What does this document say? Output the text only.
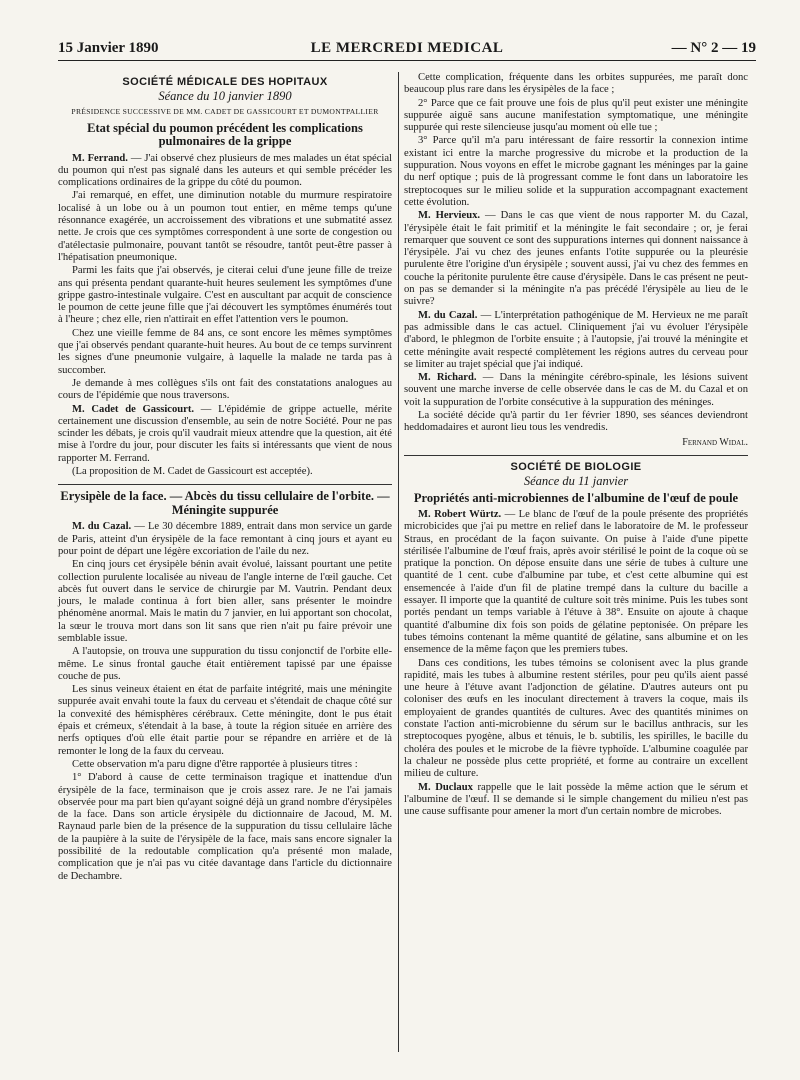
15 Janvier 1890	LE MERCREDI MEDICAL	— N° 2 — 19
SOCIÉTÉ MÉDICALE DES HOPITAUX
Séance du 10 janvier 1890
PRÉSIDENCE SUCCESSIVE DE MM. CADET DE GASSICOURT ET DUMONTPALLIER
Etat spécial du poumon précédent les complications pulmonaires de la grippe

M. Ferrand. — J'ai observé chez plusieurs de mes malades un état spécial du poumon qui n'est pas signalé dans les auteurs et qui semble précéder les complications ordinaires de la grippe du côté du poumon.

J'ai remarqué, en effet, une diminution notable du murmure respiratoire localisé à un lobe ou à un poumon tout entier, en même temps qu'une résonnance exagérée, un accroissement des vibrations et une submatité assez nette. Je crois que ces symptômes correspondent à une sorte de congestion ou d'atélectasie pulmonaire, pouvant tantôt se résoudre, tantôt peut-être passer à l'hépatisation pneumonique.

Parmi les faits que j'ai observés, je citerai celui d'une jeune fille de treize ans qui présenta pendant quarante-huit heures seulement les symptômes d'une grippe gastro-intestinale vulgaire. C'est en auscultant par acquit de conscience le poumon de cette jeune fille que j'ai découvert les symptômes énumérés tout à l'heure ; chez elle, rien n'attirait en effet l'attention vers le poumon.

Chez une vieille femme de 84 ans, ce sont encore les mêmes symptômes que j'ai observés pendant quarante-huit heures. Au bout de ce temps survinrent les signes d'une pneumonie vulgaire, à laquelle la malade ne tarda pas à succomber.

Je demande à mes collègues s'ils ont fait des constatations analogues au cours de l'épidémie que nous traversons.

M. Cadet de Gassicourt. — L'épidémie de grippe actuelle, mérite certainement une discussion d'ensemble, au sein de notre Société. Pour ne pas scinder les débats, je crois qu'il vaudrait mieux attendre que la question, ait été mise à l'ordre du jour, pour discuter les faits si intéressants que vient de nous rapporter M. Ferrand.

(La proposition de M. Cadet de Gassicourt est acceptée).

Erysipèle de la face. — Abcès du tissu cellulaire de l'orbite. — Méningite suppurée

M. du Cazal. — Le 30 décembre 1889, entrait dans mon service un garde de Paris, atteint d'un érysipèle de la face remontant à cinq jours et ayant eu pour point de départ une légère excoriation de l'aile du nez.

En cinq jours cet érysipèle bénin avait évolué, laissant pourtant une petite collection purulente localisée au niveau de l'angle interne de l'œil gauche. Cet abcès fut ouvert dans le service de chirurgie par M. Vautrin. Pendant deux jours, le malade continua à fort bien aller, sans présenter le moindre phénomène anormal. Mais le matin du 7 janvier, en lui apportant son chocolat, la sœur le trouva mort dans son lit sans que rien n'ait pu faire prévoir une semblable issue.

A l'autopsie, on trouva une suppuration du tissu conjonctif de l'orbite elle-même. Le sinus frontal gauche était entièrement tapissé par une épaisse couche de pus.

Les sinus veineux étaient en état de parfaite intégrité, mais une méningite suppurée avait envahi toute la faux du cerveau et s'étendait de chaque côté sur la convexité des hémisphères cérébraux. Cette méningite, dont le pus était épais et crémeux, s'étendait à la base, à toute la région située en arrière des nerfs optiques d'où elle était partie pour se répandre en arrière et de là remonter le long de la faux du cerveau.

Cette observation m'a paru digne d'être rapportée à plusieurs titres :

1° D'abord à cause de cette terminaison tragique et inattendue d'un érysipèle de la face, terminaison que je crois assez rare. Je ne l'ai jamais observée pour ma part bien qu'ayant soigné déjà un grand nombre d'érysipèles de la face. Dans son article érysipèle du dictionnaire de Jacoud, M. M. Raynaud parle bien de la présence de la suppuration du tissu cellulaire lâche de la paupière à la suite de l'érysipèle de la face, mais sans encore signaler la possibilité de la redoutable complication qu'a présenté mon malade, complication que je n'ai pas vu citée davantage dans l'article du dictionnaire de Dechambre.

Cette complication, fréquente dans les orbites suppurées, me paraît donc beaucoup plus rare dans les érysipèles de la face ;

2° Parce que ce fait prouve une fois de plus qu'il peut exister une méningite suppurée aiguë sans aucune manifestation symptomatique, une méningite suppurée qui reste silencieuse jusqu'au moment où elle tue ;

3° Parce qu'il m'a paru intéressant de faire ressortir la connexion intime existant ici entre la marche progressive du microbe et la production de la suppuration. Nous voyons en effet le microbe gagnant les méninges par la gaine du nerf optique ; puis de là progressant comme le font dans un laboratoire les streptocoques sur le milieu solide et la suppuration accompagnant exactement cette évolution.

M. Hervieux. — Dans le cas que vient de nous rapporter M. du Cazal, l'érysipèle était le fait primitif et la méningite le fait secondaire ; or, je ferai remarquer que souvent ce sont des suppurations internes qui donnent naissance à l'érysipèle. J'ai vu chez des jeunes enfants l'otite suppurée ou la pleurésie purulente être l'origine d'un érysipèle ; souvent aussi, j'ai vu chez des femmes en couche la péritonite purulente être cause d'érysipèle. Dans le cas présent ne peut-on pas se demander si la méningite n'a pas précédé l'érysipèle au lieu de le suivre?

M. du Cazal. — L'interprétation pathogénique de M. Hervieux ne me paraît pas admissible dans le cas actuel. Cliniquement j'ai vu évoluer l'érysipèle d'abord, le phlegmon de l'orbite ensuite ; à l'autopsie, j'ai trouvé la méningite et cette méningite avait respecté complètement les régions autres du cerveau pour se limiter au trajet spécial que j'ai indiqué.

M. Richard. — Dans la méningite cérébro-spinale, les lésions suivent souvent une marche inverse de celle observée dans le cas de M. du Cazal et on voit la suppuration de l'orbite consécutive à la suppuration des méninges.

La société décide qu'à partir du 1er février 1890, ses séances deviendront heddomadaires et auront lieu tous les vendredis.

Fernand Widal.

SOCIÉTÉ DE BIOLOGIE
Séance du 11 janvier
Propriétés anti-microbiennes de l'albumine de l'œuf de poule

M. Robert Würtz. — Le blanc de l'œuf de la poule présente des propriétés microbicides que j'ai pu mettre en relief dans le laboratoire de M. le professeur Straus, en procédant de la façon suivante. On puise à l'aide d'une pipette stérilisée l'albumine de l'œuf frais, après avoir stérilisé le point de la coque où se pratique la ponction. On dépose ensuite dans une série de tubes à culture une quantité de 1 cent. cube d'albumine par tube, et c'est cette albumine qui est ensemencée à l'aide d'un fil de platine trempé dans la culture du bacille a essayer. Il importe que la quantité de culture soit très minime. Puis les tubes sont portés pendant un temps variable à l'étuve à 38°. Ensuite on ajoute à chaque quantité d'albumine dix fois son poids de gélatine peptonisée. On prépare les tubes témoins contenant la même quantité de gélatine, sans albumine et on les ensemence de la même façon que les premiers tubes.

Dans ces conditions, les tubes témoins se colonisent avec la plus grande rapidité, mais les tubes à albumine restent stériles, pour peu qu'ils aient passé une heure à l'étuve avant l'adjonction de gélatine. D'autres auteurs ont pu coloniser des œufs en les inoculant directement à travers la coque, mais ils employaient de grandes quantités de cultures. Avec des quantités minimes on constate l'action anti-microbienne du sérum sur le bacillus anthracis, sur les streptocoques pyogène, albus et ténuis, le b. subtilis, les spirilles, le bacille du choléra des poules et le microbe de la fièvre typhoïde. L'albumine coagulée par la chaleur ne possède plus cette propriété, et forme au contraire un excellent milieu de culture.

M. Duclaux rappelle que le lait possède la même action que le sérum et l'albumine de l'œuf. Il se demande si le simple changement du milieu n'est pas une cause suffisante pour amener la mort d'un certain nombre de microbes.
